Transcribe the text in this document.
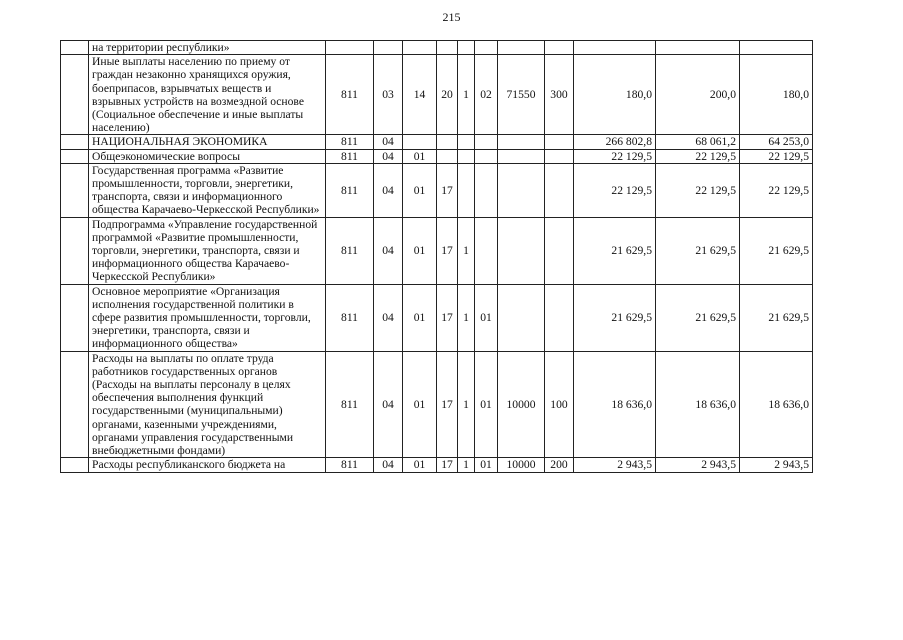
215
	на территории республики»											
	Иные выплаты населению по приему от граждан незаконно хранящихся оружия, боеприпасов, взрывчатых веществ и взрывных устройств на возмездной основе (Социальное обеспечение и иные выплаты населению)	811	03	14	20	1	02	71550	300	180,0	200,0	180,0
	НАЦИОНАЛЬНАЯ ЭКОНОМИКА	811	04							266 802,8	68 061,2	64 253,0
	Общеэкономические вопросы	811	04	01						22 129,5	22 129,5	22 129,5
	Государственная программа «Развитие промышленности, торговли, энергетики, транспорта, связи и информационного общества Карачаево-Черкесской Республики»	811	04	01	17					22 129,5	22 129,5	22 129,5
	Подпрограмма «Управление государственной программой «Развитие промышленности, торговли, энергетики, транспорта, связи и информационного общества Карачаево-Черкесской Республики»	811	04	01	17	1				21 629,5	21 629,5	21 629,5
	Основное мероприятие «Организация исполнения государственной политики в сфере развития промышленности, торговли, энергетики, транспорта, связи и информационного общества»	811	04	01	17	1	01			21 629,5	21 629,5	21 629,5
	Расходы на выплаты по оплате труда работников государственных органов (Расходы на выплаты персоналу в целях обеспечения выполнения функций государственными (муниципальными) органами, казенными учреждениями, органами управления государственными внебюджетными фондами)	811	04	01	17	1	01	10000	100	18 636,0	18 636,0	18 636,0
	Расходы республиканского бюджета на	811	04	01	17	1	01	10000	200	2 943,5	2 943,5	2 943,5
